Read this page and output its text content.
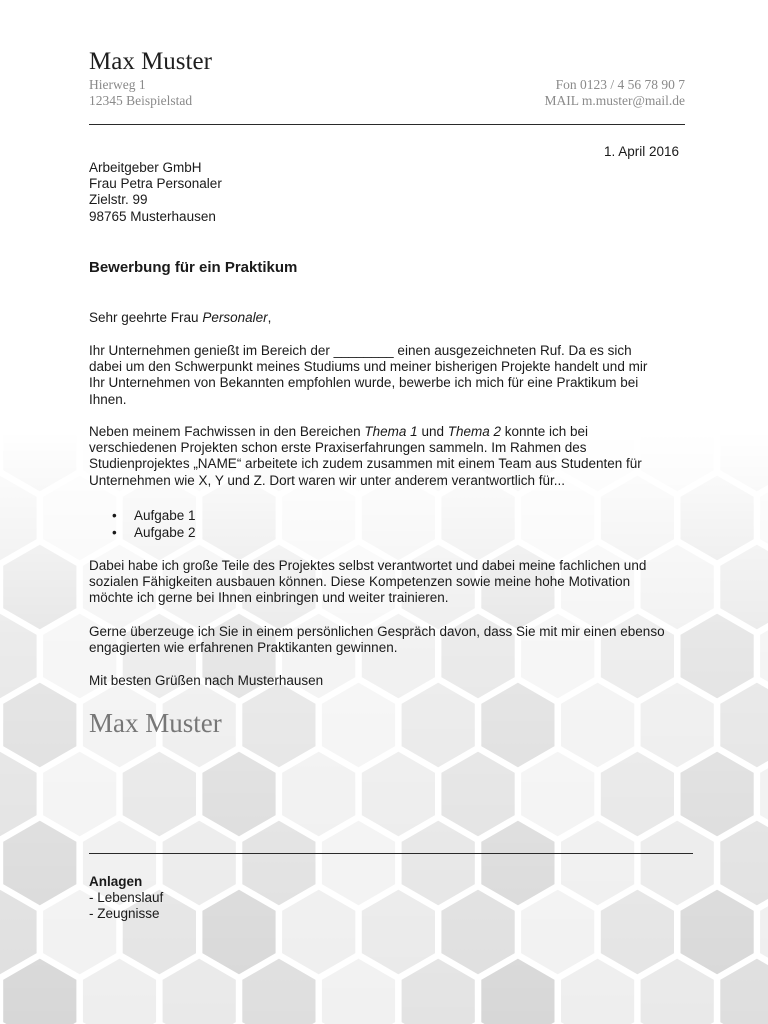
Max Muster
Hierweg 1
12345 Beispielstad
Fon 0123 / 4 56 78 90 7
MAIL m.muster@mail.de
1. April 2016
Arbeitgeber GmbH
Frau Petra Personaler
Zielstr. 99
98765 Musterhausen
Bewerbung für ein Praktikum

Sehr geehrte Frau Personaler,

Ihr Unternehmen genießt im Bereich der ________ einen ausgezeichneten Ruf. Da es sich
dabei um den Schwerpunkt meines Studiums und meiner bisherigen Projekte handelt und mir
Ihr Unternehmen von Bekannten empfohlen wurde, bewerbe ich mich für eine Praktikum bei
Ihnen.

Neben meinem Fachwissen in den Bereichen Thema 1 und Thema 2 konnte ich bei
verschiedenen Projekten schon erste Praxiserfahrungen sammeln. Im Rahmen des
Studienprojektes „NAME“ arbeitete ich zudem zusammen mit einem Team aus Studenten für
Unternehmen wie X, Y und Z. Dort waren wir unter anderem verantwortlich für...

• Aufgabe 1
• Aufgabe 2

Dabei habe ich große Teile des Projektes selbst verantwortet und dabei meine fachlichen und
sozialen Fähigkeiten ausbauen können. Diese Kompetenzen sowie meine hohe Motivation
möchte ich gerne bei Ihnen einbringen und weiter trainieren.

Gerne überzeuge ich Sie in einem persönlichen Gespräch davon, dass Sie mit mir einen ebenso
engagierten wie erfahrenen Praktikanten gewinnen.

Mit besten Grüßen nach Musterhausen

Max Muster
Anlagen
- Lebenslauf
- Zeugnisse
